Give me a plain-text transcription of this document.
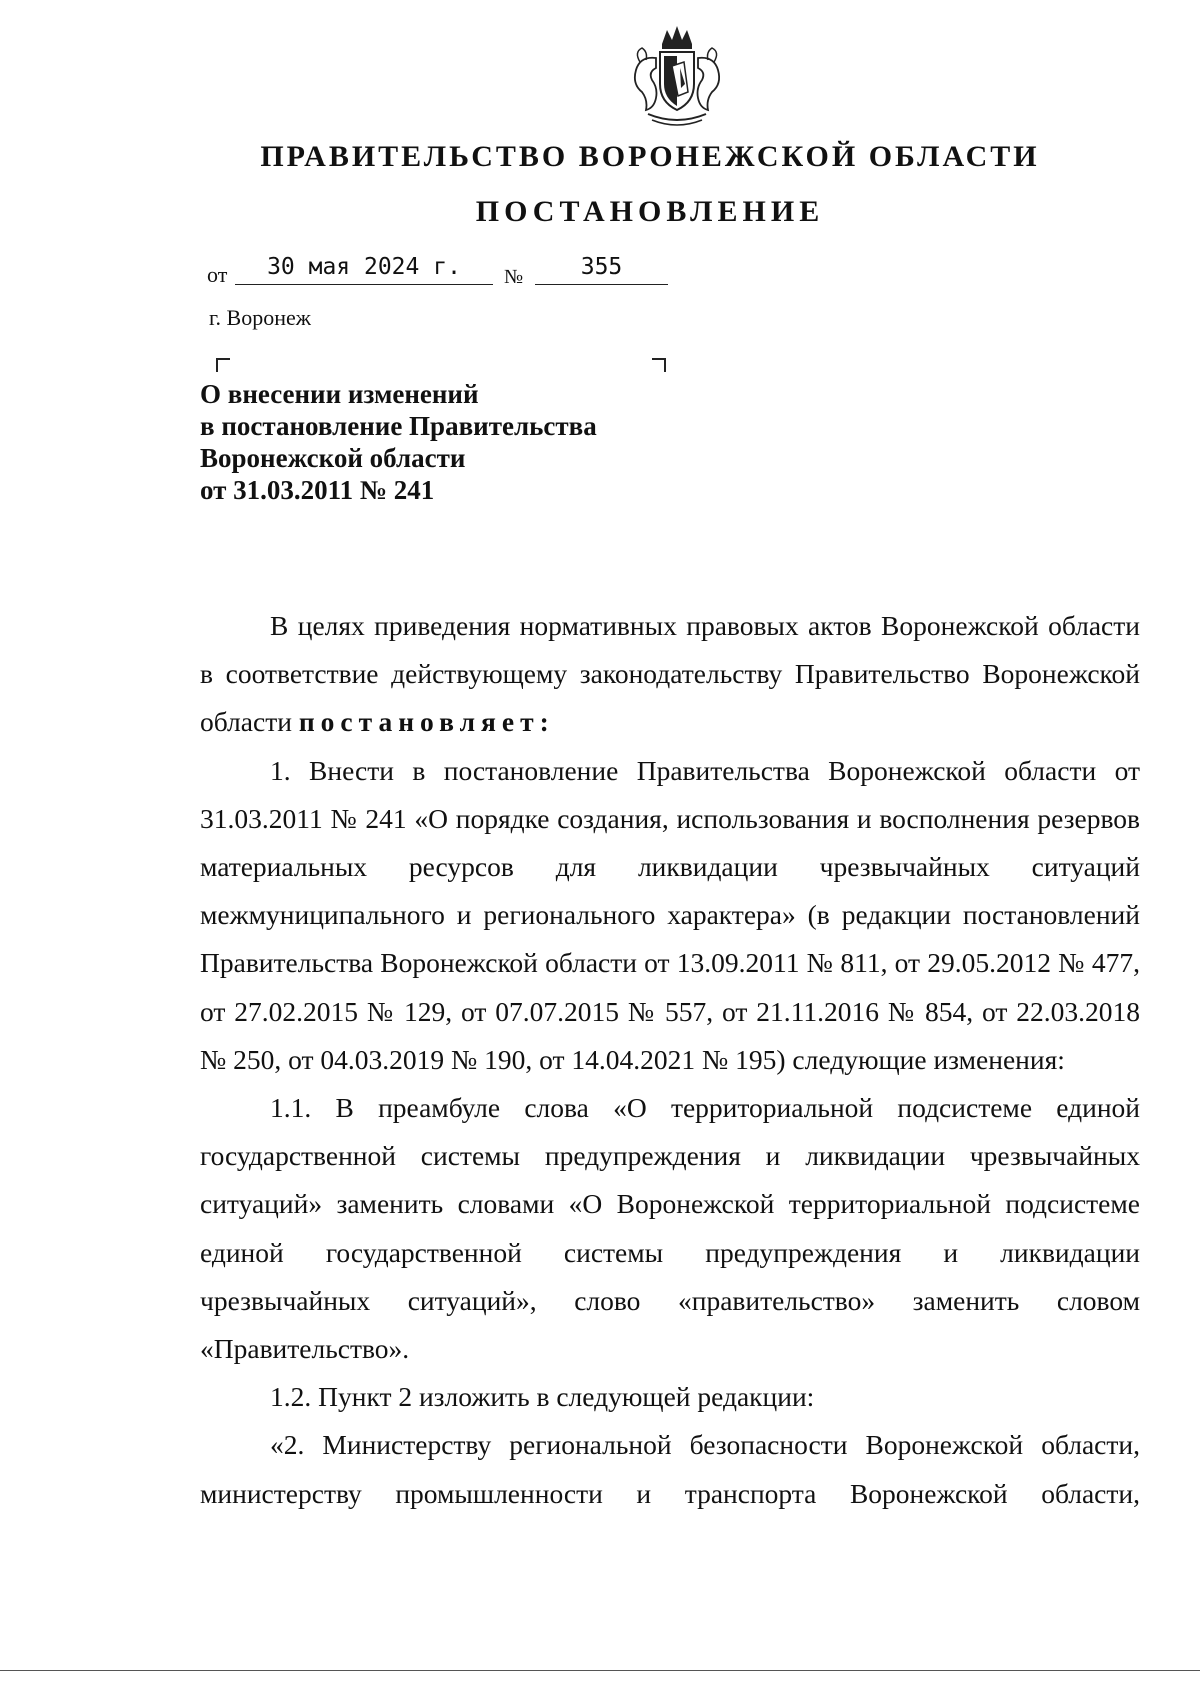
ПРАВИТЕЛЬСТВО ВОРОНЕЖСКОЙ ОБЛАСТИ
ПОСТАНОВЛЕНИЕ
от	30 мая 2024 г.	№	355
г. Воронеж
О внесении изменений
в постановление Правительства
Воронежской области
от 31.03.2011 № 241

В целях приведения нормативных правовых актов Воронежской области в соответствие действующему законодательству Правительство Воронежской области постановляет:

1. Внести в постановление Правительства Воронежской области от 31.03.2011 № 241 «О порядке создания, использования и восполнения резервов материальных ресурсов для ликвидации чрезвычайных ситуаций межмуниципального и регионального характера» (в редакции постановлений Правительства Воронежской области от 13.09.2011 № 811, от 29.05.2012 № 477, от 27.02.2015 № 129, от 07.07.2015 № 557, от 21.11.2016 № 854, от 22.03.2018 № 250, от 04.03.2019 № 190, от 14.04.2021 № 195) следующие изменения:

1.1. В преамбуле слова «О территориальной подсистеме единой государственной системы предупреждения и ликвидации чрезвычайных ситуаций» заменить словами «О Воронежской территориальной подсистеме единой государственной системы предупреждения и ликвидации чрезвычайных ситуаций», слово «правительство» заменить словом «Правительство».

1.2. Пункт 2 изложить в следующей редакции:

«2. Министерству региональной безопасности Воронежской области, министерству промышленности и транспорта Воронежской области,
